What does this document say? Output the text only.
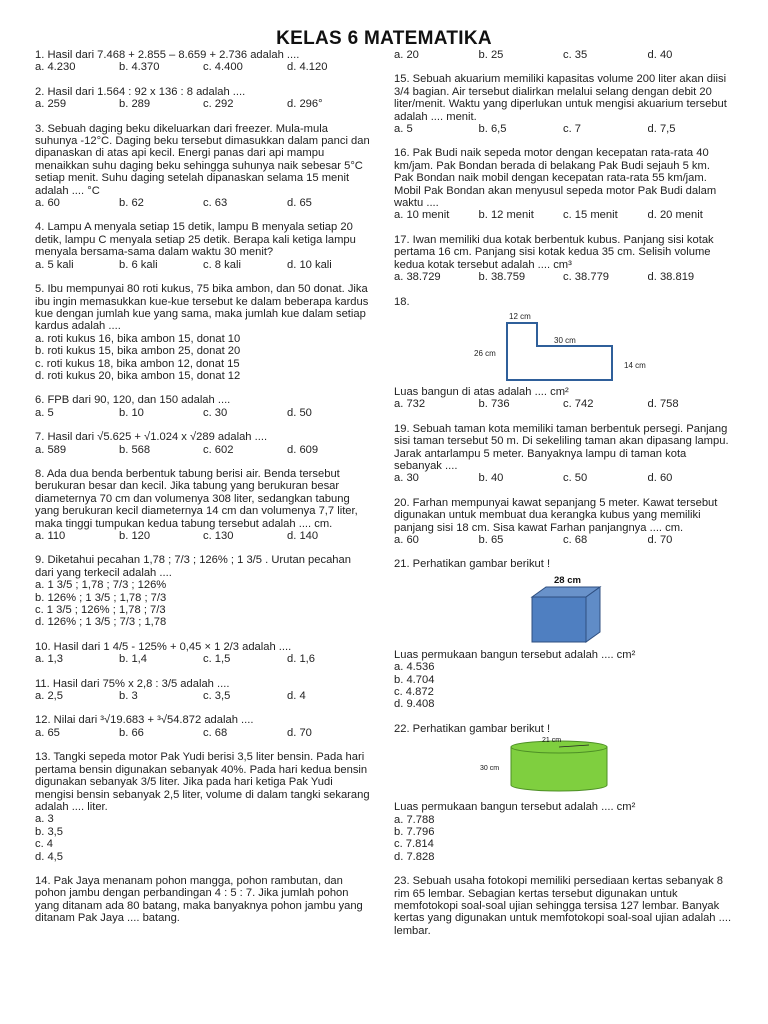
KELAS 6 MATEMATIKA

1. Hasil dari 7.468 + 2.855 – 8.659 + 2.736 adalah ....

a. 4.230	b. 4.370	c. 4.400	d. 4.120

2. Hasil dari 1.564 : 92 x 136 : 8 adalah ....

a. 259	b. 289	c. 292	d. 296°

3. Sebuah daging beku dikeluarkan dari freezer. Mula-mula suhunya -12°C. Daging beku tersebut dimasukkan dalam panci dan dipanaskan di atas api kecil. Energi panas dari api mampu menaikkan suhu daging beku sehingga suhunya naik sebesar 5°C setiap menit. Suhu daging setelah dipanaskan selama 15 menit adalah .... °C

a. 60	b. 62	c. 63	d. 65

4. Lampu A menyala setiap 15 detik, lampu B menyala setiap 20 detik, lampu C menyala setiap 25 detik. Berapa kali ketiga lampu menyala bersama-sama dalam waktu 30 menit?

a. 5 kali	b. 6 kali	c. 8 kali	d. 10 kali

5. Ibu mempunyai 80 roti kukus, 75 bika ambon, dan 50 donat. Jika ibu ingin memasukkan kue-kue tersebut ke dalam beberapa kardus kue dengan jumlah kue yang sama, maka jumlah kue dalam setiap kardus adalah ....

a. roti kukus 16, bika ambon 15, donat 10
b. roti kukus 15, bika ambon 25, donat 20
c. roti kukus 18, bika ambon 12, donat 15
d. roti kukus 20, bika ambon 15, donat 12

6. FPB dari 90, 120, dan 150 adalah ....

a. 5	b. 10	c. 30	d. 50

7. Hasil dari √5.625 + √1.024 x √289 adalah ....

a. 589	b. 568	c. 602	d. 609

8. Ada dua benda berbentuk tabung berisi air. Benda tersebut berukuran besar dan kecil. Jika tabung yang berukuran besar diameternya 70 cm dan volumenya 308 liter, sedangkan tabung yang berukuran kecil diameternya 14 cm dan volumenya 7,7 liter, maka tinggi tumpukan kedua tabung tersebut adalah .... cm.

a. 110	b. 120	c. 130	d. 140

9. Diketahui pecahan 1,78 ; 7/3 ; 126% ; 1 3/5 . Urutan pecahan dari yang terkecil adalah ....

a. 1 3/5 ; 1,78 ; 7/3 ; 126%
b. 126% ; 1 3/5 ; 1,78 ; 7/3
c. 1 3/5 ; 126% ; 1,78 ; 7/3
d. 126% ; 1 3/5 ; 7/3 ; 1,78

10. Hasil dari 1 4/5 - 125% + 0,45 × 1 2/3 adalah ....

a. 1,3	b. 1,4	c. 1,5	d. 1,6

11. Hasil dari 75% x 2,8 : 3/5 adalah ....

a. 2,5	b. 3	c. 3,5	d. 4

12. Nilai dari ³√19.683 + ³√54.872 adalah ....

a. 65	b. 66	c. 68	d. 70

13. Tangki sepeda motor Pak Yudi berisi 3,5 liter bensin. Pada hari pertama bensin digunakan sebanyak 40%. Pada hari kedua bensin digunakan sebanyak 3/5 liter. Jika pada hari ketiga Pak Yudi mengisi bensin sebanyak 2,5 liter, volume di dalam tangki sekarang adalah .... liter.

a. 3
b. 3,5
c. 4
d. 4,5

14. Pak Jaya menanam pohon mangga, pohon rambutan, dan pohon jambu dengan perbandingan 4 : 5 : 7. Jika jumlah pohon yang ditanam ada 80 batang, maka banyaknya pohon jambu yang ditanam Pak Jaya .... batang.

a. 20	b. 25	c. 35	d. 40

15. Sebuah akuarium memiliki kapasitas volume 200 liter akan diisi 3/4 bagian. Air tersebut dialirkan melalui selang dengan debit 20 liter/menit. Waktu yang diperlukan untuk mengisi akuarium tersebut adalah .... menit.

a. 5	b. 6,5	c. 7	d. 7,5

16. Pak Budi naik sepeda motor dengan kecepatan rata-rata 40 km/jam. Pak Bondan berada di belakang Pak Budi sejauh 5 km. Pak Bondan naik mobil dengan kecepatan rata-rata 55 km/jam. Mobil Pak Bondan akan menyusul sepeda motor Pak Budi dalam waktu ....

a. 10 menit	b. 12 menit	c. 15 menit	d. 20 menit

17. Iwan memiliki dua kotak berbentuk kubus. Panjang sisi kotak pertama 16 cm. Panjang sisi kotak kedua 35 cm. Selisih volume kedua kotak tersebut adalah .... cm³

a. 38.729	b. 38.759	c. 38.779	d. 38.819

18.

12 cm
30 cm
26 cm
14 cm

Luas bangun di atas adalah .... cm²

a. 732	b. 736	c. 742	d. 758

19. Sebuah taman kota memiliki taman berbentuk persegi. Panjang sisi taman tersebut 50 m. Di sekeliling taman akan dipasang lampu. Jarak antarlampu 5 meter. Banyaknya lampu di taman kota sebanyak ....

a. 30	b. 40	c. 50	d. 60

20. Farhan mempunyai kawat sepanjang 5 meter. Kawat tersebut digunakan untuk membuat dua kerangka kubus yang memiliki panjang sisi 18 cm. Sisa kawat Farhan panjangnya .... cm.

a. 60	b. 65	c. 68	d. 70

21. Perhatikan gambar berikut !

28 cm

Luas permukaan bangun tersebut adalah .... cm²

a. 4.536
b. 4.704
c. 4.872
d. 9.408

22. Perhatikan gambar berikut !

21 cm
30 cm

Luas permukaan bangun tersebut adalah .... cm²

a. 7.788
b. 7.796
c. 7.814
d. 7.828

23. Sebuah usaha fotokopi memiliki persediaan kertas sebanyak 8 rim 65 lembar. Sebagian kertas tersebut digunakan untuk memfotokopi soal-soal ujian sehingga tersisa 127 lembar. Banyak kertas yang digunakan untuk memfotokopi soal-soal ujian adalah .... lembar.
